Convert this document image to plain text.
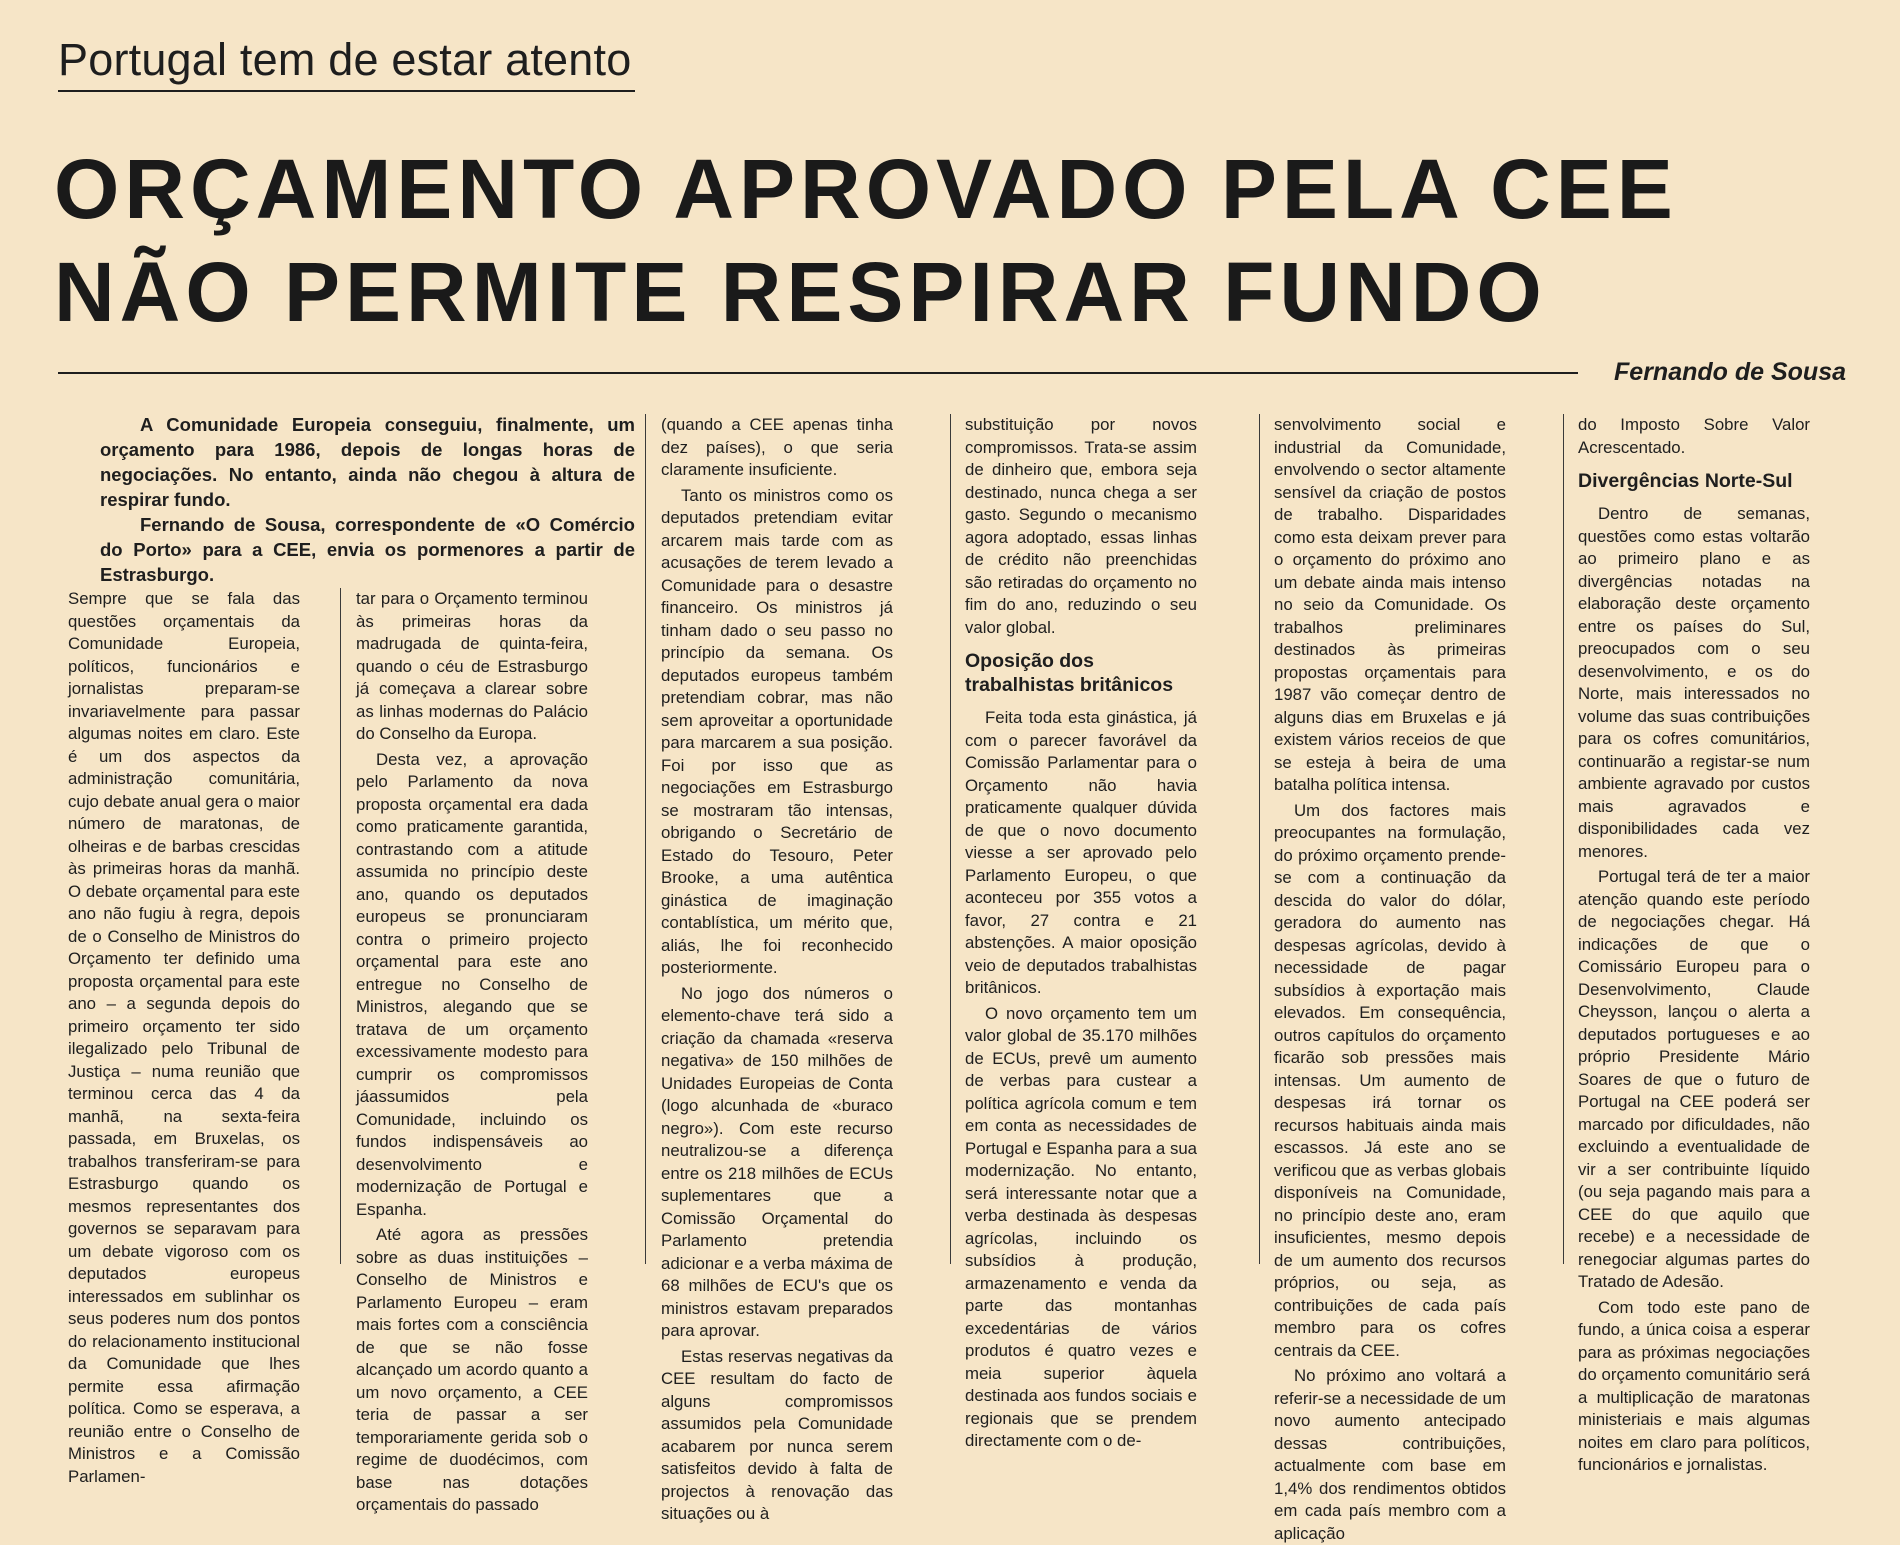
Portugal tem de estar atento
ORÇAMENTO APROVADO PELA CEE
NÃO PERMITE RESPIRAR FUNDO
Fernando de Sousa

A Comunidade Europeia conseguiu, finalmente, um orçamento para 1986, depois de longas horas de negociações. No entanto, ainda não chegou à altura de respirar fundo.

Fernando de Sousa, correspondente de «O Comércio do Porto» para a CEE, envia os pormenores a partir de Estrasburgo.

Sempre que se fala das questões orçamentais da Comunidade Europeia, políticos, funcionários e jornalistas preparam-se invariavelmente para passar algumas noites em claro. Este é um dos aspectos da administração comunitária, cujo debate anual gera o maior número de maratonas, de olheiras e de barbas crescidas às primeiras horas da manhã. O debate orçamental para este ano não fugiu à regra, depois de o Conselho de Ministros do Orçamento ter definido uma proposta orçamental para este ano – a segunda depois do primeiro orçamento ter sido ilegalizado pelo Tribunal de Justiça – numa reunião que terminou cerca das 4 da manhã, na sexta-feira passada, em Bruxelas, os trabalhos transferiram-se para Estrasburgo quando os mesmos representantes dos governos se separavam para um debate vigoroso com os deputados europeus interessados em sublinhar os seus poderes num dos pontos do relacionamento institucional da Comunidade que lhes permite essa afirmação política. Como se esperava, a reunião entre o Conselho de Ministros e a Comissão Parlamen-

tar para o Orçamento terminou às primeiras horas da madrugada de quinta-feira, quando o céu de Estrasburgo já começava a clarear sobre as linhas modernas do Palácio do Conselho da Europa.

Desta vez, a aprovação pelo Parlamento da nova proposta orçamental era dada como praticamente garantida, contrastando com a atitude assumida no princípio deste ano, quando os deputados europeus se pronunciaram contra o primeiro projecto orçamental para este ano entregue no Conselho de Ministros, alegando que se tratava de um orçamento excessivamente modesto para cumprir os compromissos jáassumidos pela Comunidade, incluindo os fundos indispensáveis ao desenvolvimento e modernização de Portugal e Espanha.

Até agora as pressões sobre as duas instituições – Conselho de Ministros e Parlamento Europeu – eram mais fortes com a consciência de que se não fosse alcançado um acordo quanto a um novo orçamento, a CEE teria de passar a ser temporariamente gerida sob o regime de duodécimos, com base nas dotações orçamentais do passado

(quando a CEE apenas tinha dez países), o que seria claramente insuficiente.

Tanto os ministros como os deputados pretendiam evitar arcarem mais tarde com as acusações de terem levado a Comunidade para o desastre financeiro. Os ministros já tinham dado o seu passo no princípio da semana. Os deputados europeus também pretendiam cobrar, mas não sem aproveitar a oportunidade para marcarem a sua posição. Foi por isso que as negociações em Estrasburgo se mostraram tão intensas, obrigando o Secretário de Estado do Tesouro, Peter Brooke, a uma autêntica ginástica de imaginação contablística, um mérito que, aliás, lhe foi reconhecido posteriormente.

No jogo dos números o elemento-chave terá sido a criação da chamada «reserva negativa» de 150 milhões de Unidades Europeias de Conta (logo alcunhada de «buraco negro»). Com este recurso neutralizou-se a diferença entre os 218 milhões de ECUs suplementares que a Comissão Orçamental do Parlamento pretendia adicionar e a verba máxima de 68 milhões de ECU's que os ministros estavam preparados para aprovar.

Estas reservas negativas da CEE resultam do facto de alguns compromissos assumidos pela Comunidade acabarem por nunca serem satisfeitos devido à falta de projectos à renovação das situações ou à

substituição por novos compromissos. Trata-se assim de dinheiro que, embora seja destinado, nunca chega a ser gasto. Segundo o mecanismo agora adoptado, essas linhas de crédito não preenchidas são retiradas do orçamento no fim do ano, reduzindo o seu valor global.

Oposição dos trabalhistas britânicos

Feita toda esta ginástica, já com o parecer favorável da Comissão Parlamentar para o Orçamento não havia praticamente qualquer dúvida de que o novo documento viesse a ser aprovado pelo Parlamento Europeu, o que aconteceu por 355 votos a favor, 27 contra e 21 abstenções. A maior oposição veio de deputados trabalhistas britânicos.

O novo orçamento tem um valor global de 35.170 milhões de ECUs, prevê um aumento de verbas para custear a política agrícola comum e tem em conta as necessidades de Portugal e Espanha para a sua modernização. No entanto, será interessante notar que a verba destinada às despesas agrícolas, incluindo os subsídios à produção, armazenamento e venda da parte das montanhas excedentárias de vários produtos é quatro vezes e meia superior àquela destinada aos fundos sociais e regionais que se prendem directamente com o de-

senvolvimento social e industrial da Comunidade, envolvendo o sector altamente sensível da criação de postos de trabalho. Disparidades como esta deixam prever para o orçamento do próximo ano um debate ainda mais intenso no seio da Comunidade. Os trabalhos preliminares destinados às primeiras propostas orçamentais para 1987 vão começar dentro de alguns dias em Bruxelas e já existem vários receios de que se esteja à beira de uma batalha política intensa.

Um dos factores mais preocupantes na formulação, do próximo orçamento prende-se com a continuação da descida do valor do dólar, geradora do aumento nas despesas agrícolas, devido à necessidade de pagar subsídios à exportação mais elevados. Em consequência, outros capítulos do orçamento ficarão sob pressões mais intensas. Um aumento de despesas irá tornar os recursos habituais ainda mais escassos. Já este ano se verificou que as verbas globais disponíveis na Comunidade, no princípio deste ano, eram insuficientes, mesmo depois de um aumento dos recursos próprios, ou seja, as contribuições de cada país membro para os cofres centrais da CEE.

No próximo ano voltará a referir-se a necessidade de um novo aumento antecipado dessas contribuições, actualmente com base em 1,4% dos rendimentos obtidos em cada país membro com a aplicação

do Imposto Sobre Valor Acrescentado.

Divergências Norte-Sul

Dentro de semanas, questões como estas voltarão ao primeiro plano e as divergências notadas na elaboração deste orçamento entre os países do Sul, preocupados com o seu desenvolvimento, e os do Norte, mais interessados no volume das suas contribuições para os cofres comunitários, continuarão a registar-se num ambiente agravado por custos mais agravados e disponibilidades cada vez menores.

Portugal terá de ter a maior atenção quando este período de negociações chegar. Há indicações de que o Comissário Europeu para o Desenvolvimento, Claude Cheysson, lançou o alerta a deputados portugueses e ao próprio Presidente Mário Soares de que o futuro de Portugal na CEE poderá ser marcado por dificuldades, não excluindo a eventualidade de vir a ser contribuinte líquido (ou seja pagando mais para a CEE do que aquilo que recebe) e a necessidade de renegociar algumas partes do Tratado de Adesão.

Com todo este pano de fundo, a única coisa a esperar para as próximas negociações do orçamento comunitário será a multiplicação de maratonas ministeriais e mais algumas noites em claro para políticos, funcionários e jornalistas.
